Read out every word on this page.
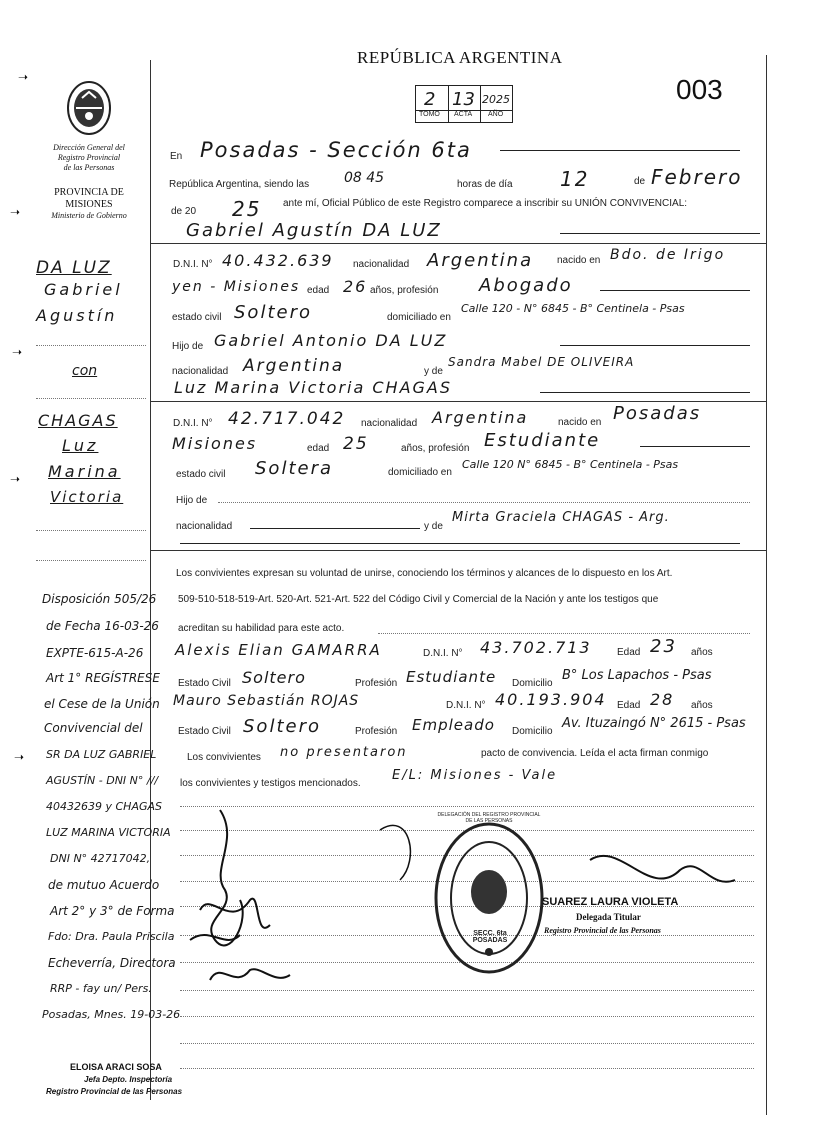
REPÚBLICA ARGENTINA
003
2 13 2025
TOMO ACTA AÑO
Dirección General del
Registro Provincial
de las Personas
PROVINCIA DE
MISIONES
Ministerio de Gobierno
➝
➝
➝
➝
➝
En Posadas - Sección 6ta
República Argentina, siendo las 08 45	horas de día 12	de Febrero
de 20 25 ante mí, Oficial Público de este Registro comparece a inscribir su UNIÓN CONVIVENCIAL:
Gabriel Agustín DA LUZ
D.N.I. N° 40.432.639 nacionalidad Argentina nacido en Bdo. de Irigo
yen - Misiones edad 26 años, profesión Abogado
estado civil Soltero	domiciliado en
Calle 120 - N° 6845 - B° Centinela - Psas
Hijo de Gabriel Antonio DA LUZ
nacionalidad Argentina	y de
Sandra Mabel DE OLIVEIRA
Luz Marina Victoria CHAGAS
D.N.I. N° 42.717.042 nacionalidad Argentina	nacido en Posadas
Misiones	edad 25	años, profesión Estudiante
estado civil Soltera	domiciliado en
Calle 120 N° 6845 - B° Centinela - Psas
Hijo de
nacionalidad	y de
Mirta Graciela CHAGAS - Arg.
Los convivientes expresan su voluntad de unirse, conociendo los términos y alcances de lo dispuesto en los Art.
509-510-518-519-Art. 520-Art. 521-Art. 522 del Código Civil y Comercial de la Nación y ante los testigos que
acreditan su habilidad para este acto.
Alexis Elian GAMARRA	D.N.I. N° 43.702.713	Edad 23 años
Estado Civil Soltero	Profesión Estudiante Domicilio
B° Los Lapachos - Psas
Mauro Sebastián ROJAS	D.N.I. N° 40.193.904 Edad 28 años
Estado Civil Soltero	Profesión Empleado Domicilio
Av. Ituzaingó N° 2615 - Psas
Los convivientes no presentaron	pacto de convivencia. Leída el acta firman conmigo
los convivientes y testigos mencionados.
E/L: Misiones - Vale
DA LUZ
Gabriel
Agustín
con
CHAGAS
Luz
Marina
Victoria
Disposición 505/26
de Fecha 16-03-26
EXPTE-615-A-26
Art 1° REGÍSTRESE
el Cese de la Unión
Convivencial del
SR DA LUZ GABRIEL
AGUSTÍN - DNI N° ///
40432639 y CHAGAS
LUZ MARINA VICTORIA
DNI N° 42717042,
de mutuo Acuerdo
Art 2° y 3° de Forma
Fdo: Dra. Paula Priscila
Echeverría, Directora
RRP - fay un/ Pers.
Posadas, Mnes. 19-03-26
DELEGACIÓN DEL REGISTRO PROVINCIAL DE LAS PERSONAS
SECC. 6ta POSADAS
SUAREZ LAURA VIOLETA
Delegada Titular
Registro Provincial de las Personas
ELOISA ARACI SOSA
Jefa Depto. Inspectoría
Registro Provincial de las Personas
